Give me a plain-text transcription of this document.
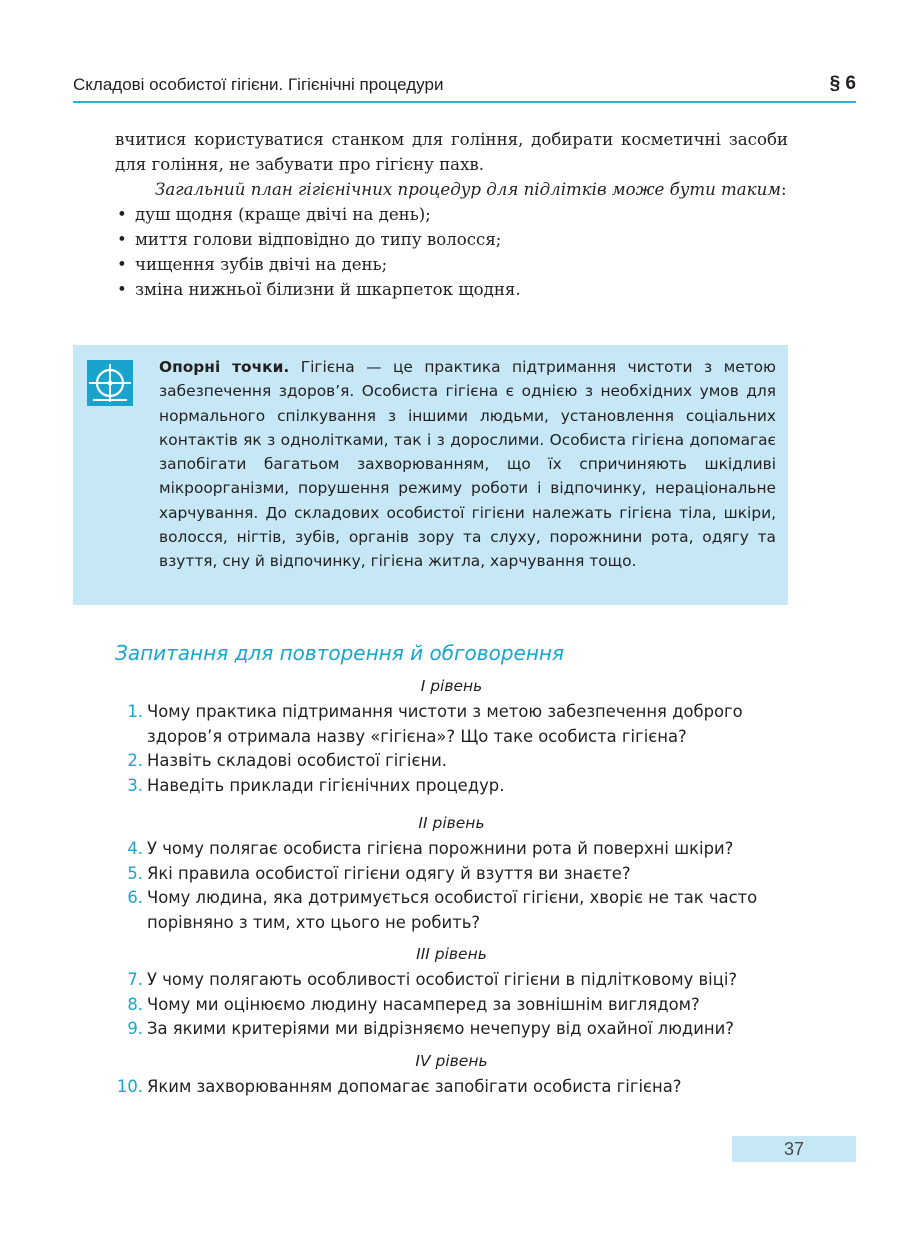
Складові особистої гігієни. Гігієнічні процедури	§ 6

вчитися користуватися станком для гоління, добирати косметичні засоби для гоління, не забувати про гігієну пахв.

Загальний план гігієнічних процедур для підлітків може бути таким:

• душ щодня (краще двічі на день);
• миття голови відповідно до типу волосся;
• чищення зубів двічі на день;
• зміна нижньої білизни й шкарпеток щодня.
Опорні точки. Гігієна — це практика підтримання чистоти з метою забезпечення здоров’я. Особиста гігієна є однією з необхідних умов для нормального спілкування з іншими людьми, установлення соціальних контактів як з однолітками, так і з дорослими. Особиста гігієна допомагає запобігати багатьом захворюванням, що їх спричиняють шкідливі мікроорганізми, порушення режиму роботи і відпочинку, нераціональне харчування. До складових особистої гігієни належать гігієна тіла, шкіри, волосся, нігтів, зубів, органів зору та слуху, порожнини рота, одягу та взуття, сну й відпочинку, гігієна житла, харчування тощо.
Запитання для повторення й обговорення
I рівень
1. Чому практика підтримання чистоти з метою забезпечення доброго здоров’я отримала назву «гігієна»? Що таке особиста гігієна?
2. Назвіть складові особистої гігієни.
3. Наведіть приклади гігієнічних процедур.
II рівень
4. У чому полягає особиста гігієна порожнини рота й поверхні шкіри?
5. Які правила особистої гігієни одягу й взуття ви знаєте?
6. Чому людина, яка дотримується особистої гігієни, хворіє не так часто порівняно з тим, хто цього не робить?
III рівень
7. У чому полягають особливості особистої гігієни в підлітковому віці?
8. Чому ми оцінюємо людину насамперед за зовнішнім виглядом?
9. За якими критеріями ми відрізняємо нечепуру від охайної людини?
IV рівень
10. Яким захворюванням допомагає запобігати особиста гігієна?
37
